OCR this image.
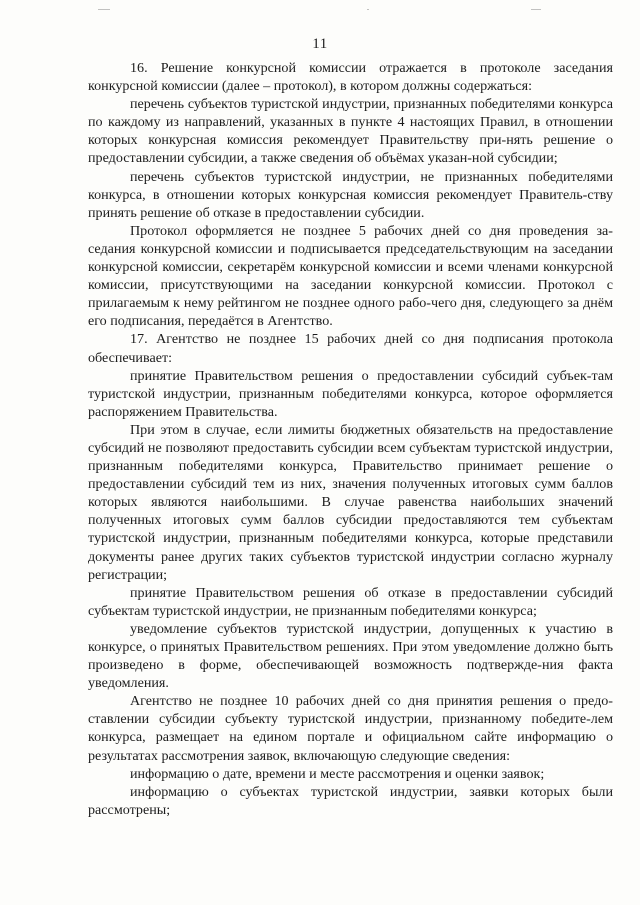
11

16. Решение конкурсной комиссии отражается в протоколе заседания конкурсной комиссии (далее – протокол), в котором должны содержаться:

перечень субъектов туристской индустрии, признанных победителями конкурса по каждому из направлений, указанных в пункте 4 настоящих Правил, в отношении которых конкурсная комиссия рекомендует Правительству при-нять решение о предоставлении субсидии, а также сведения об объёмах указан-ной субсидии;

перечень субъектов туристской индустрии, не признанных победителями конкурса, в отношении которых конкурсная комиссия рекомендует Правитель-ству принять решение об отказе в предоставлении субсидии.

Протокол оформляется не позднее 5 рабочих дней со дня проведения за-седания конкурсной комиссии и подписывается председательствующим на заседании конкурсной комиссии, секретарём конкурсной комиссии и всеми членами конкурсной комиссии, присутствующими на заседании конкурсной комиссии. Протокол с прилагаемым к нему рейтингом не позднее одного рабо-чего дня, следующего за днём его подписания, передаётся в Агентство.

17. Агентство не позднее 15 рабочих дней со дня подписания протокола обеспечивает:

принятие Правительством решения о предоставлении субсидий субъек-там туристской индустрии, признанным победителями конкурса, которое оформляется распоряжением Правительства.

При этом в случае, если лимиты бюджетных обязательств на предоставление субсидий не позволяют предоставить субсидии всем субъектам туристской индустрии, признанным победителями конкурса, Правительство принимает решение о предоставлении субсидий тем из них, значения полученных итоговых сумм баллов которых являются наибольшими. В случае равенства наибольших значений полученных итоговых сумм баллов субсидии предоставляются тем субъектам туристской индустрии, признанным победителями конкурса, которые представили документы ранее других таких субъектов туристской индустрии согласно журналу регистрации;

принятие Правительством решения об отказе в предоставлении субсидий субъектам туристской индустрии, не признанным победителями конкурса;

уведомление субъектов туристской индустрии, допущенных к участию в конкурсе, о принятых Правительством решениях. При этом уведомление должно быть произведено в форме, обеспечивающей возможность подтвержде-ния факта уведомления.

Агентство не позднее 10 рабочих дней со дня принятия решения о предо-ставлении субсидии субъекту туристской индустрии, признанному победите-лем конкурса, размещает на едином портале и официальном сайте информацию о результатах рассмотрения заявок, включающую следующие сведения:

информацию о дате, времени и месте рассмотрения и оценки заявок;

информацию о субъектах туристской индустрии, заявки которых были рассмотрены;
